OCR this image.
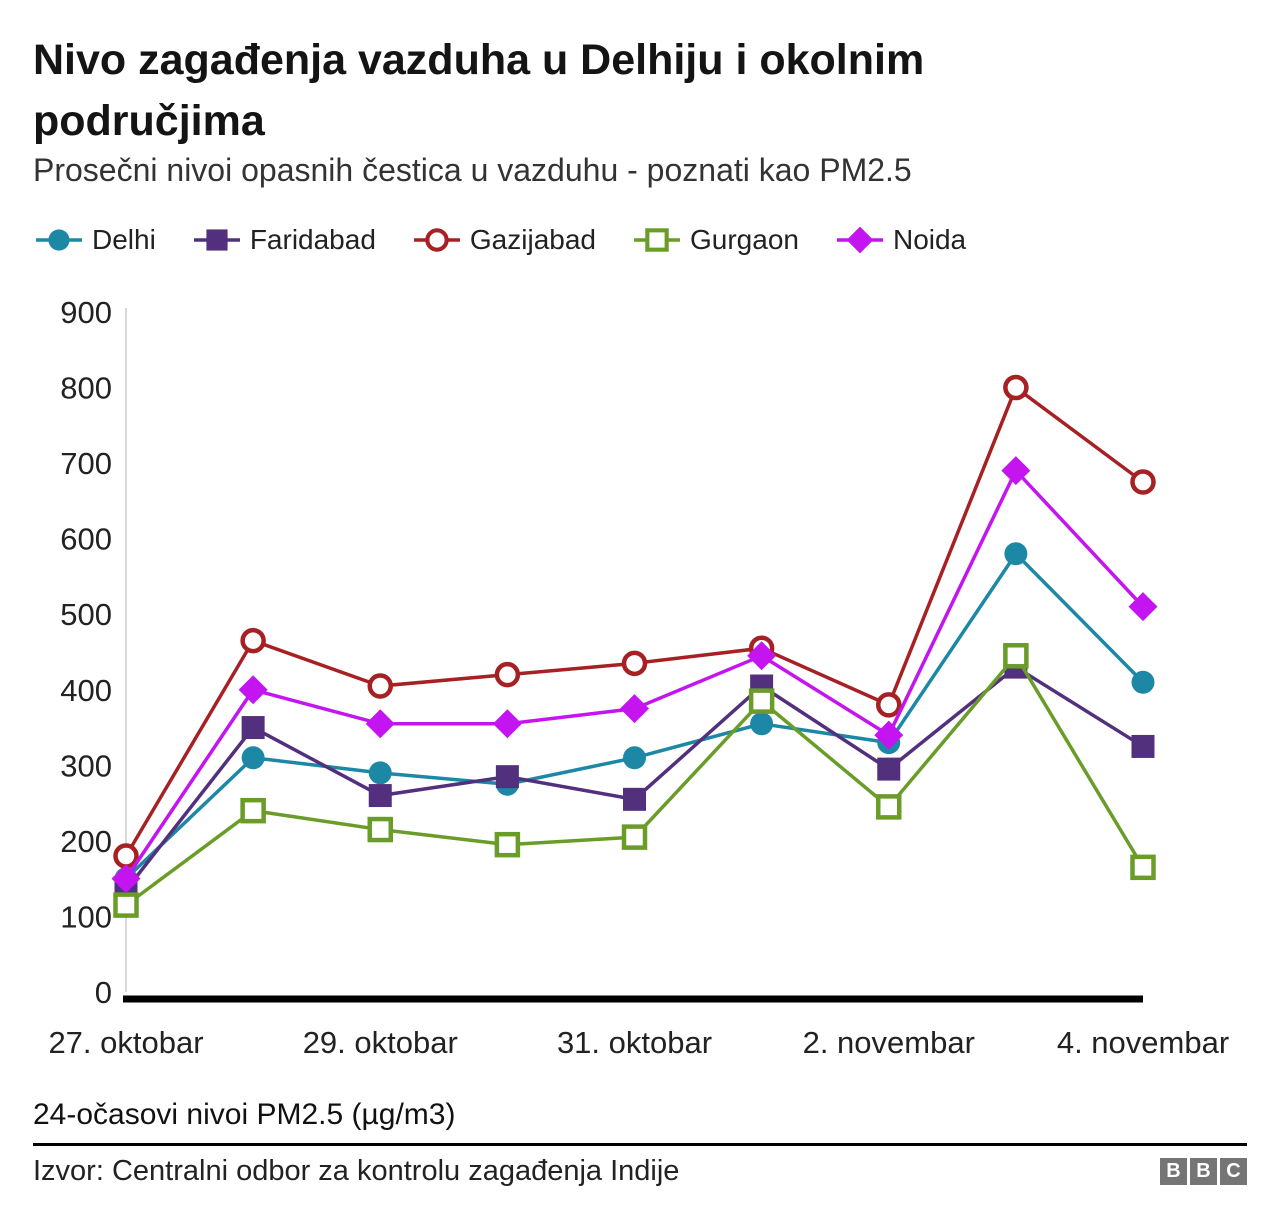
Nivo zagađenja vazduha u Delhiju i okolnim područjima

Prosečni nivoi opasnih čestica u vazduhu - poznati kao PM2.5

Delhi	Faridabad	Gazijabad	Gurgaon	Noida
0
100
200
300
400
500
600
700
800
900
27. oktobar	29. oktobar	31. oktobar	2. novembar	4. novembar
24-očasovi nivoi PM2.5 (µg/m3)
Izvor: Centralni odbor za kontrolu zagađenja Indije	B B C
